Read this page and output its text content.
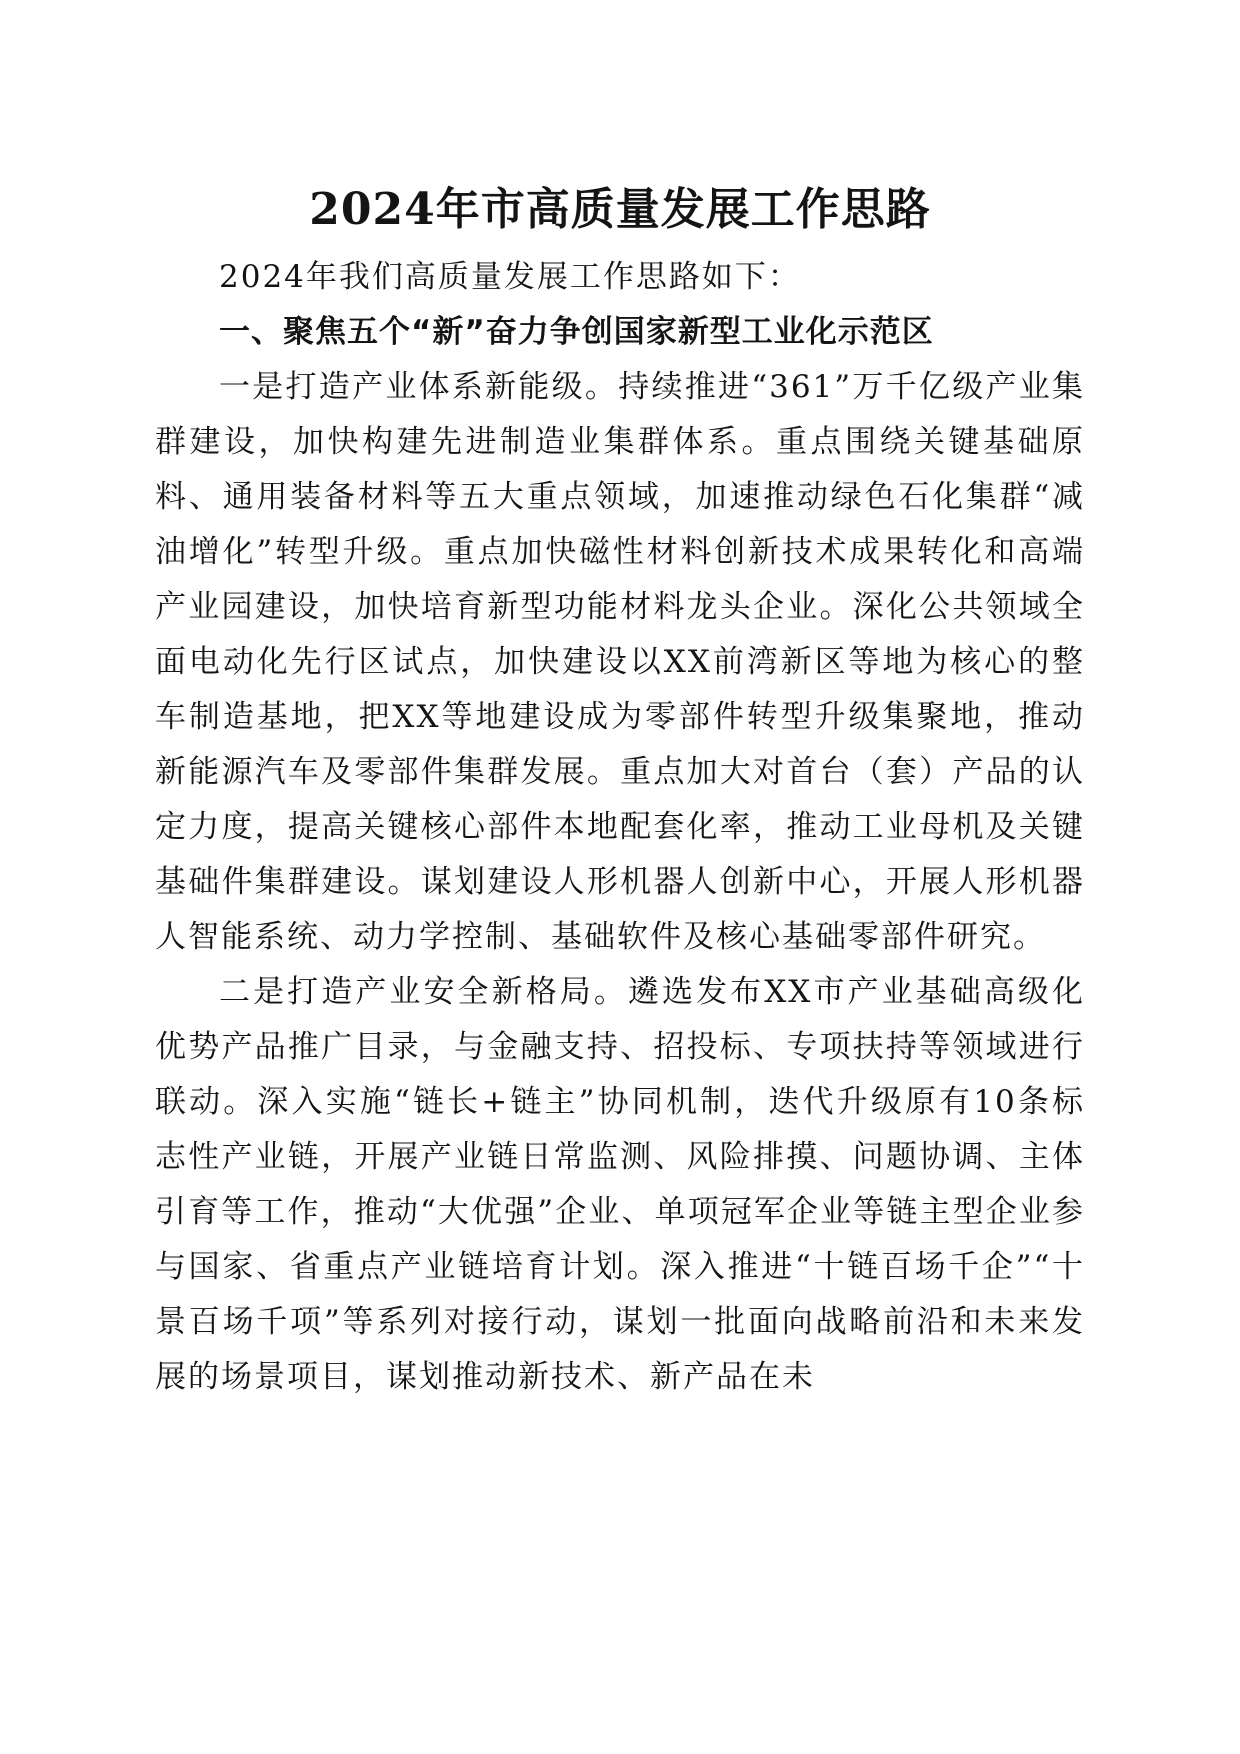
2024年市高质量发展工作思路

2024年我们高质量发展工作思路如下：

一、聚焦五个“新”奋力争创国家新型工业化示范区

一是打造产业体系新能级。持续推进“361”万千亿级产业集群建设，加快构建先进制造业集群体系。重点围绕关键基础原料、通用装备材料等五大重点领域，加速推动绿色石化集群“减油增化”转型升级。重点加快磁性材料创新技术成果转化和高端产业园建设，加快培育新型功能材料龙头企业。深化公共领域全面电动化先行区试点，加快建设以XX前湾新区等地为核心的整车制造基地，把XX等地建设成为零部件转型升级集聚地，推动新能源汽车及零部件集群发展。重点加大对首台（套）产品的认定力度，提高关键核心部件本地配套化率，推动工业母机及关键基础件集群建设。谋划建设人形机器人创新中心，开展人形机器人智能系统、动力学控制、基础软件及核心基础零部件研究。

二是打造产业安全新格局。遴选发布XX市产业基础高级化优势产品推广目录，与金融支持、招投标、专项扶持等领域进行联动。深入实施“链长+链主”协同机制，迭代升级原有10条标志性产业链，开展产业链日常监测、风险排摸、问题协调、主体引育等工作，推动“大优强”企业、单项冠军企业等链主型企业参与国家、省重点产业链培育计划。深入推进“十链百场千企”“十景百场千项”等系列对接行动，谋划一批面向战略前沿和未来发展的场景项目，谋划推动新技术、新产品在未
